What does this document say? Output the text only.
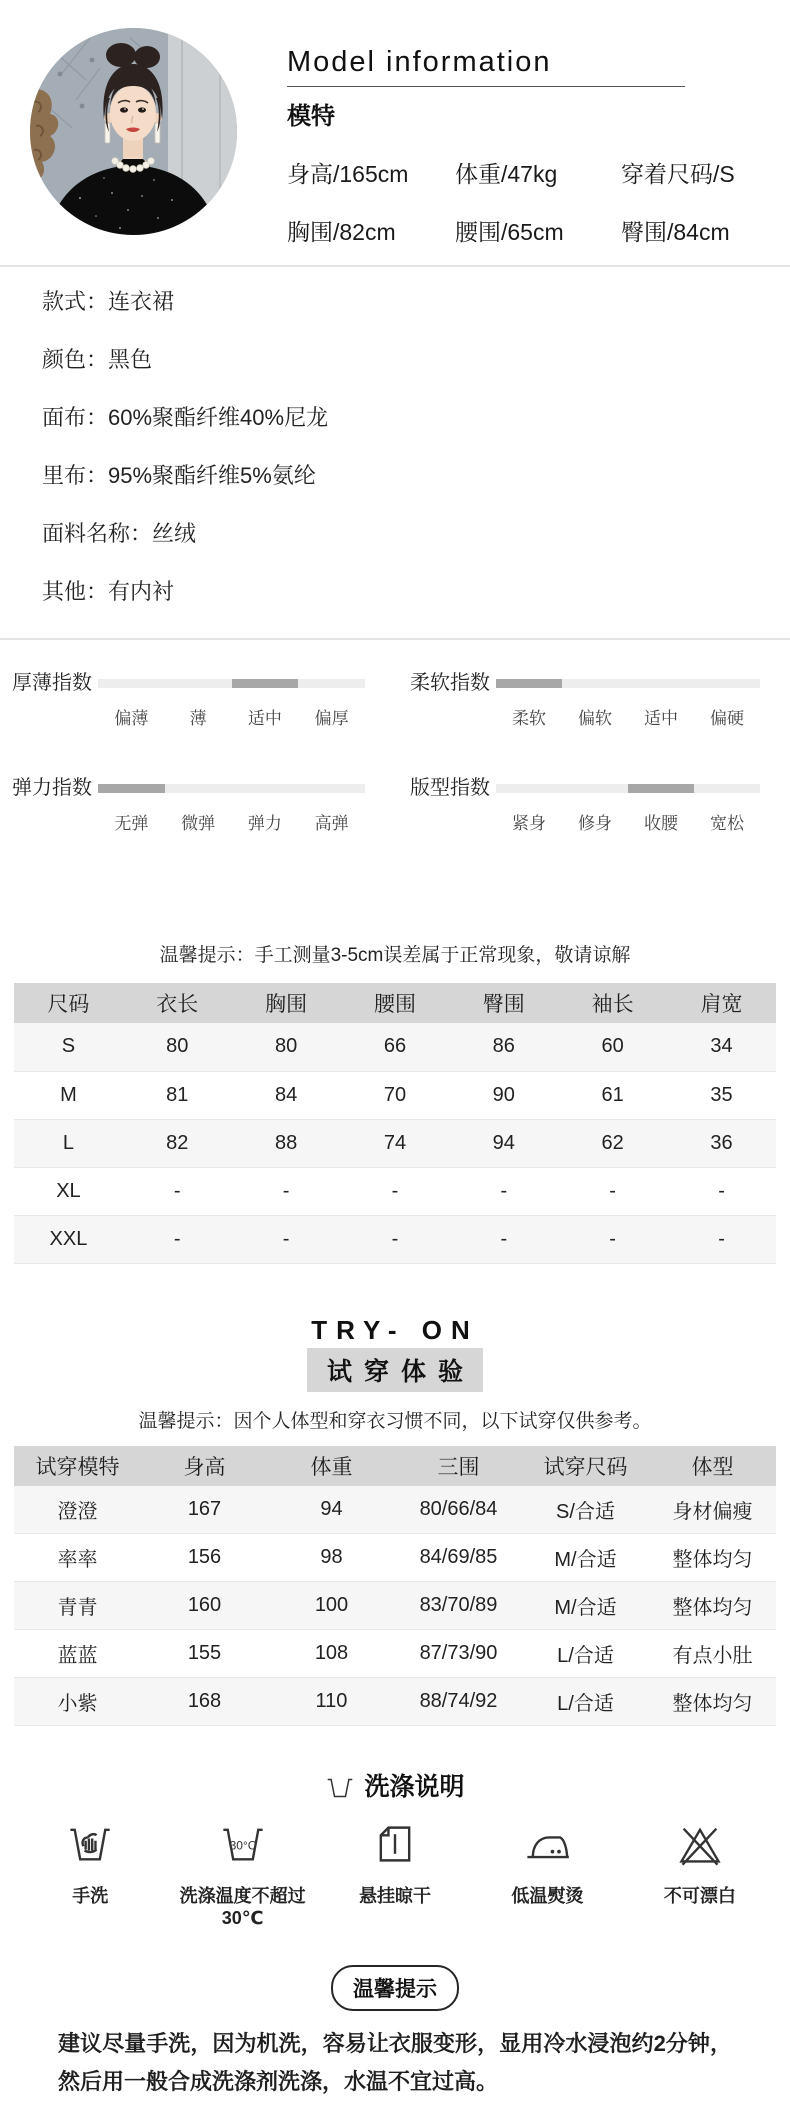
Model information
模特
身高/165cm	体重/47kg	穿着尺码/S
胸围/82cm	腰围/65cm	臀围/84cm
款式：连衣裙
颜色：黑色
面布：60%聚酯纤维40%尼龙
里布：95%聚酯纤维5%氨纶
面料名称：丝绒
其他：有内衬
厚薄指数
偏薄	薄	适中	偏厚
弹力指数
无弹	微弹	弹力	高弹
柔软指数
柔软	偏软	适中	偏硬
版型指数
紧身	修身	收腰	宽松
温馨提示：手工测量3-5cm误差属于正常现象，敬请谅解
尺码	衣长	胸围	腰围	臀围	袖长	肩宽
S	80	80	66	86	60	34
M	81	84	70	90	61	35
L	82	88	74	94	62	36
XL	-	-	-	-	-	-
XXL	-	-	-	-	-	-
TRY- ON
试穿体验
温馨提示：因个人体型和穿衣习惯不同，以下试穿仅供参考。
试穿模特	身高	体重	三围	试穿尺码	体型
澄澄	167	94	80/66/84	S/合适	身材偏瘦
率率	156	98	84/69/85	M/合适	整体均匀
青青	160	100	83/70/89	M/合适	整体均匀
蓝蓝	155	108	87/73/90	L/合适	有点小肚
小紫	168	110	88/74/92	L/合适	整体均匀
洗涤说明
手洗
30°C
洗涤温度不超过30℃
悬挂晾干	低温熨烫	不可漂白
温馨提示
建议尽量手洗，因为机洗，容易让衣服变形，显用冷水浸泡约2分钟，然后用一般合成洗涤剂洗涤，水温不宜过高。
